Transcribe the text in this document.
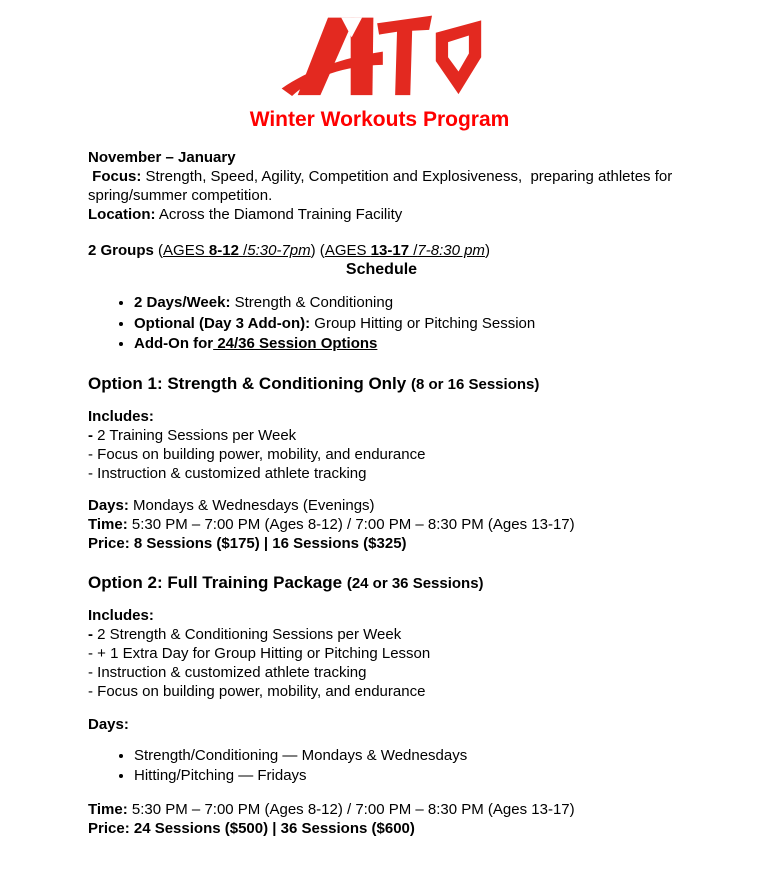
Winter Workouts Program

November – January

Focus: Strength, Speed, Agility, Competition and Explosiveness,  preparing athletes for spring/summer competition.

Location: Across the Diamond Training Facility

2 Groups (AGES 8-12 /5:30-7pm) (AGES 13-17 /7-8:30 pm)

Schedule

• 2 Days/Week: Strength & Conditioning
• Optional (Day 3 Add-on): Group Hitting or Pitching Session
• Add-On for 24/36 Session Options
Option 1: Strength & Conditioning Only (8 or 16 Sessions)

Includes:

- 2 Training Sessions per Week

- Focus on building power, mobility, and endurance

- Instruction & customized athlete tracking

Days: Mondays & Wednesdays (Evenings)

Time: 5:30 PM – 7:00 PM (Ages 8-12) / 7:00 PM – 8:30 PM (Ages 13-17)

Price: 8 Sessions ($175) | 16 Sessions ($325)

Option 2: Full Training Package (24 or 36 Sessions)

Includes:

- 2 Strength & Conditioning Sessions per Week

- + 1 Extra Day for Group Hitting or Pitching Lesson

- Instruction & customized athlete tracking

- Focus on building power, mobility, and endurance

Days:

• Strength/Conditioning — Mondays & Wednesdays
• Hitting/Pitching — Fridays

Time: 5:30 PM – 7:00 PM (Ages 8-12) / 7:00 PM – 8:30 PM (Ages 13-17)

Price: 24 Sessions ($500) | 36 Sessions ($600)
